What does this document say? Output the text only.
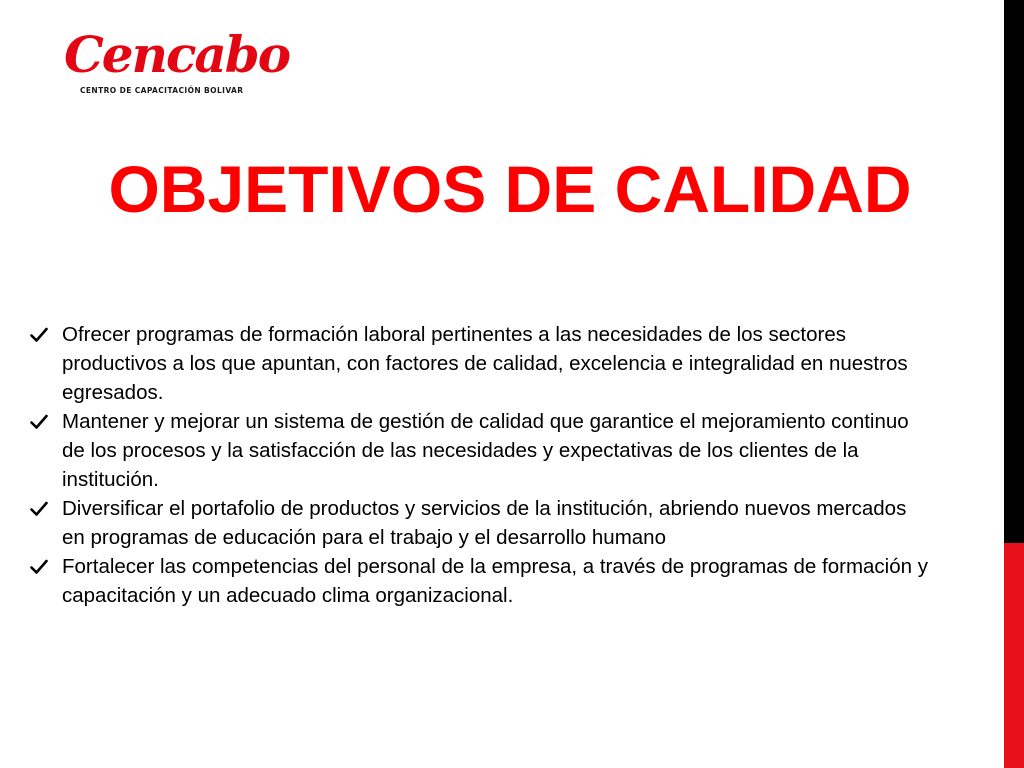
Cencabo
CENTRO DE CAPACITACIÓN BOLIVAR
OBJETIVOS DE CALIDAD
Ofrecer programas de formación laboral pertinentes a las necesidades de los sectores productivos a los que apuntan, con factores de calidad, excelencia e integralidad en nuestros egresados.
Mantener y mejorar un sistema de gestión de calidad que garantice el mejoramiento continuo de los procesos y la satisfacción de las necesidades y expectativas de los clientes de la institución.
Diversificar el portafolio de productos y servicios de la institución, abriendo nuevos mercados en programas de educación para el trabajo y el desarrollo humano
Fortalecer las competencias del personal de la empresa, a través de programas de formación y capacitación y un adecuado clima organizacional.
